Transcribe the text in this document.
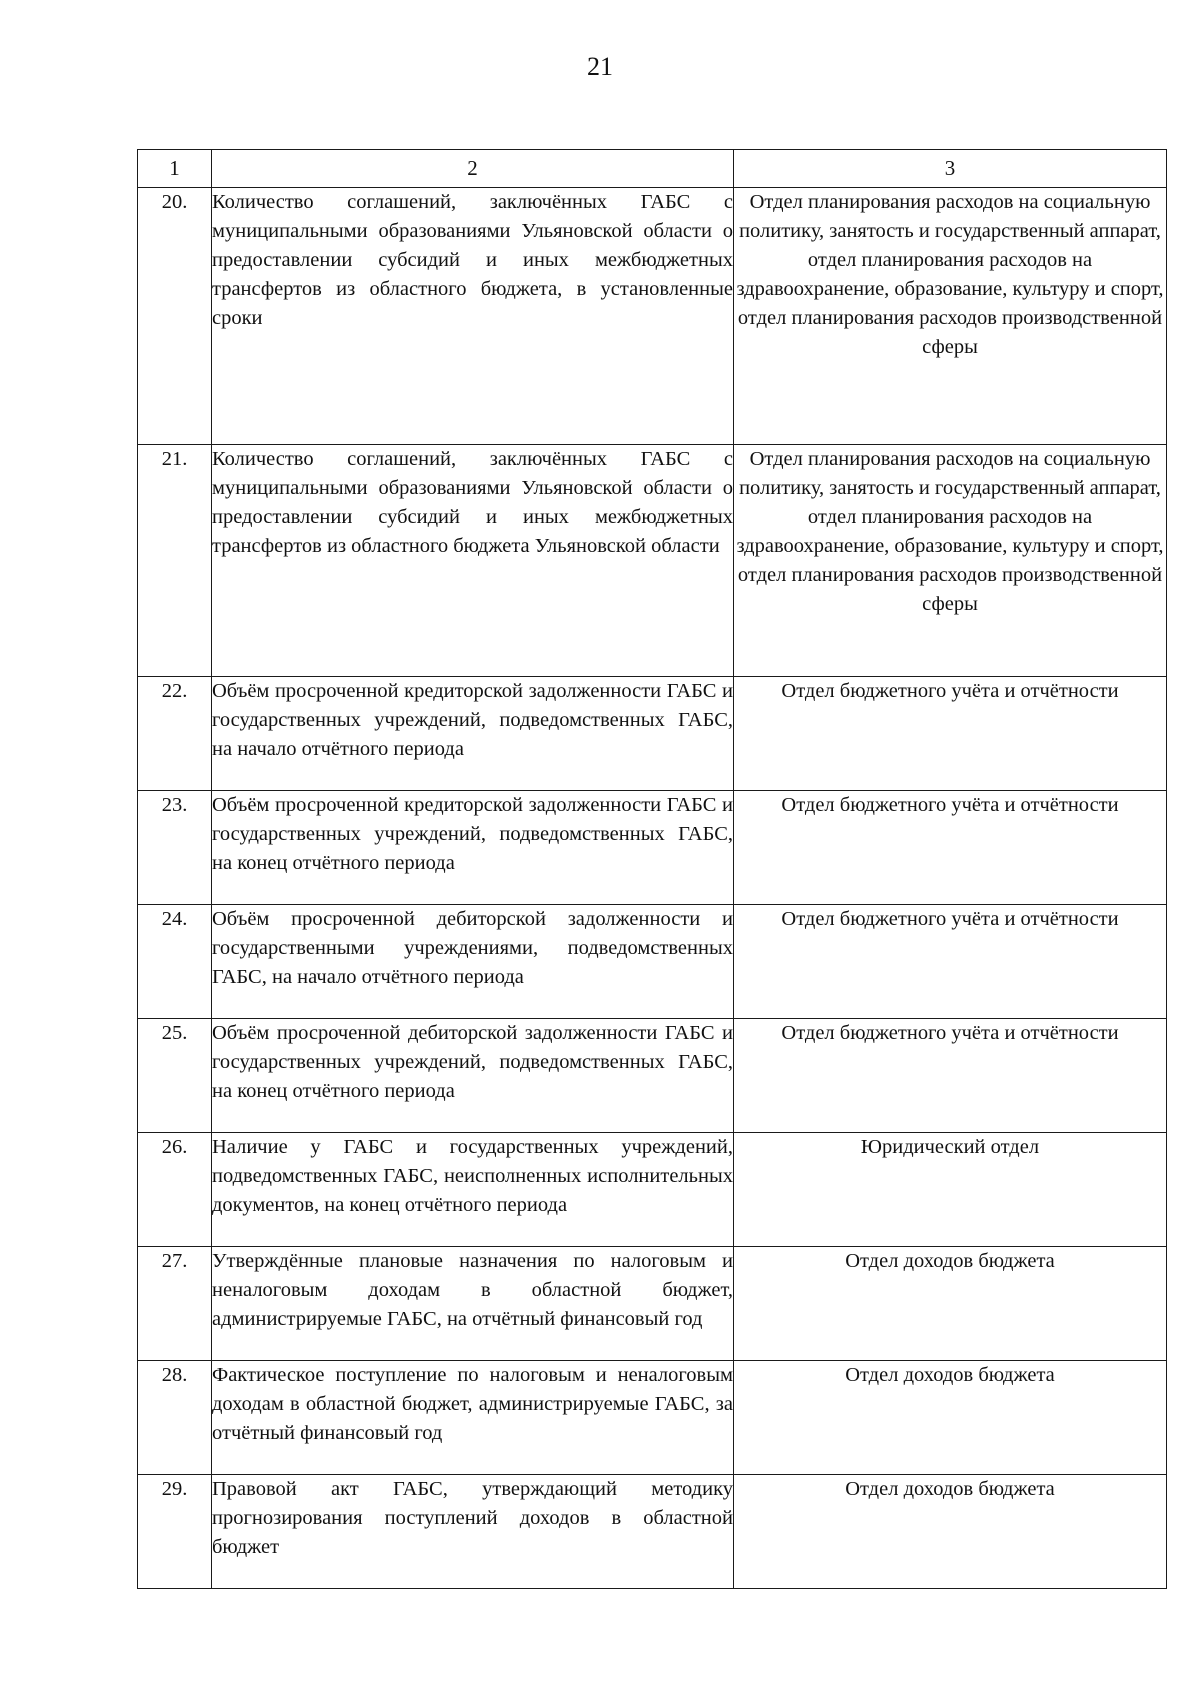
21
1	2	3
20.	Количество соглашений, заключённых ГАБС с муниципальными образованиями Ульяновской области о предоставлении субсидий и иных межбюджетных трансфертов из областного бюджета, в установленные сроки	Отдел планирования расходов на социальную политику, занятость и государственный аппарат, отдел планирования расходов на здравоохранение, образование, культуру и спорт, отдел планирования расходов производственной сферы
21.	Количество соглашений, заключённых ГАБС с муниципальными образованиями Ульяновской области о предоставлении субсидий и иных межбюджетных трансфертов из областного бюджета Ульяновской области	Отдел планирования расходов на социальную политику, занятость и государственный аппарат, отдел планирования расходов на здравоохранение, образование, культуру и спорт, отдел планирования расходов производственной сферы
22.	Объём просроченной кредиторской задолженности ГАБС и государственных учреждений, подведомственных ГАБС, на начало отчётного периода	Отдел бюджетного учёта и отчётности
23.	Объём просроченной кредиторской задолженности ГАБС и государственных учреждений, подведомственных ГАБС, на конец отчётного периода	Отдел бюджетного учёта и отчётности
24.	Объём просроченной дебиторской задолженности и государственными учреждениями, подведомственных ГАБС, на начало отчётного периода	Отдел бюджетного учёта и отчётности
25.	Объём просроченной дебиторской задолженности ГАБС и государственных учреждений, подведомственных ГАБС, на конец отчётного периода	Отдел бюджетного учёта и отчётности
26.	Наличие у ГАБС и государственных учреждений, подведомственных ГАБС, неисполненных исполнительных документов, на конец отчётного периода	Юридический отдел
27.	Утверждённые плановые назначения по налоговым и неналоговым доходам в областной бюджет, администрируемые ГАБС, на отчётный финансовый год	Отдел доходов бюджета
28.	Фактическое поступление по налоговым и неналоговым доходам в областной бюджет, администрируемые ГАБС, за отчётный финансовый год	Отдел доходов бюджета
29.	Правовой акт ГАБС, утверждающий методику прогнозирования поступлений доходов в областной бюджет	Отдел доходов бюджета
